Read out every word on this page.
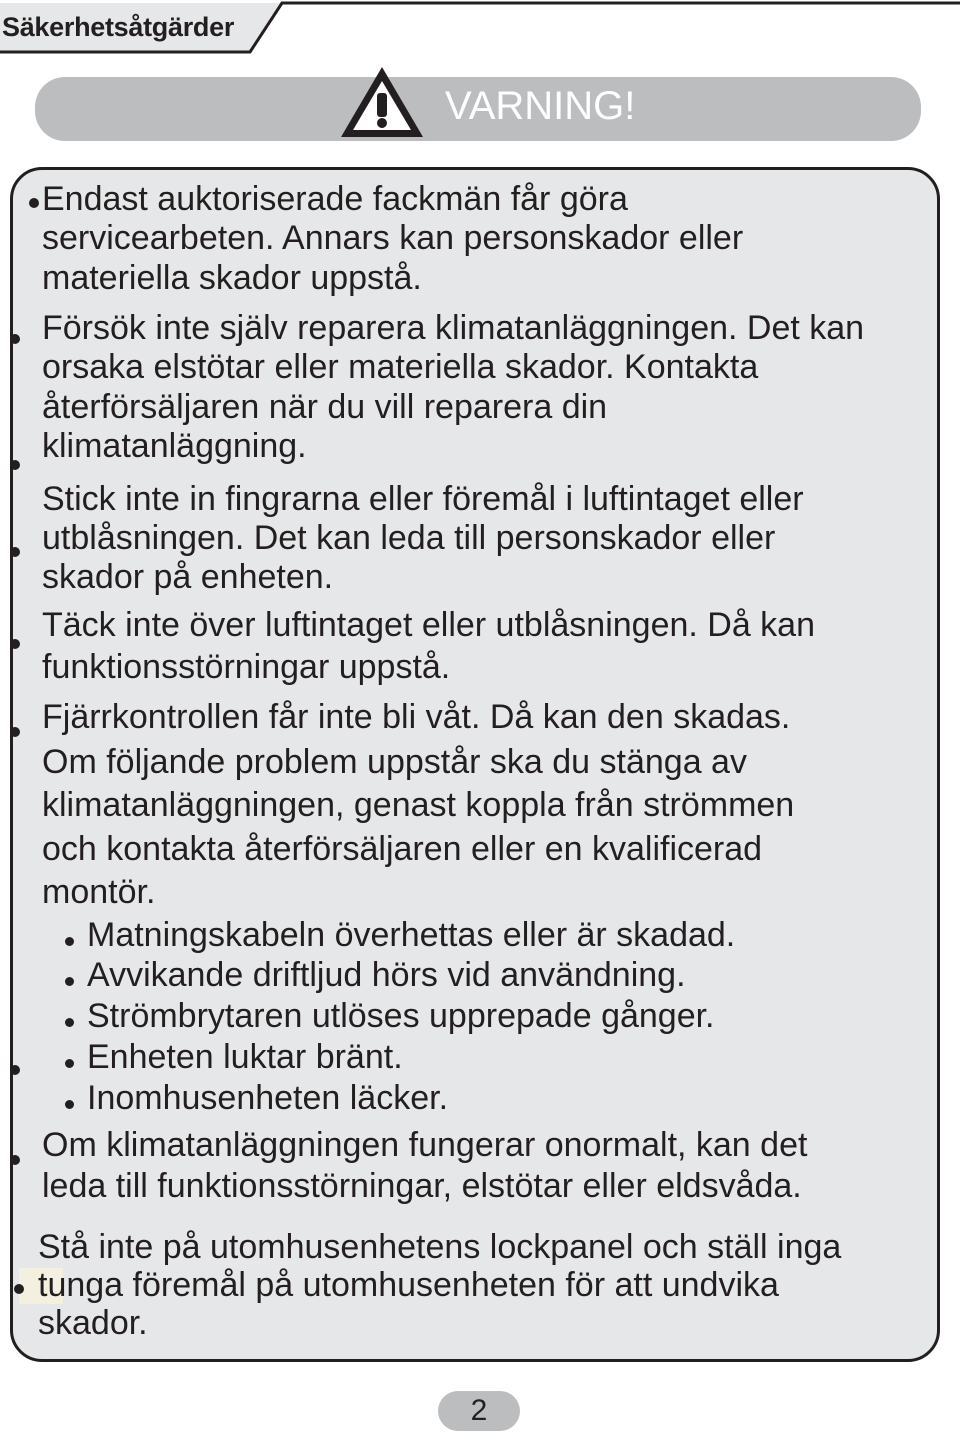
Säkerhetsåtgärder
VARNING!
Endast auktoriserade fackmän får göra
servicearbeten. Annars kan personskador eller
materiella skador uppstå.
Försök inte själv reparera klimatanläggningen. Det kan
orsaka elstötar eller materiella skador. Kontakta
återförsäljaren när du vill reparera din
klimatanläggning.
Stick inte in fingrarna eller föremål i luftintaget eller
utblåsningen. Det kan leda till personskador eller
skador på enheten.
Täck inte över luftintaget eller utblåsningen. Då kan
funktionsstörningar uppstå.
Fjärrkontrollen får inte bli våt. Då kan den skadas.
Om följande problem uppstår ska du stänga av
klimatanläggningen, genast koppla från strömmen
och kontakta återförsäljaren eller en kvalificerad
montör.
Matningskabeln överhettas eller är skadad.
Avvikande driftljud hörs vid användning.
Strömbrytaren utlöses upprepade gånger.
Enheten luktar bränt.
Inomhusenheten läcker.
Om klimatanläggningen fungerar onormalt, kan det
leda till funktionsstörningar, elstötar eller eldsvåda.
Stå inte på utomhusenhetens lockpanel och ställ inga
tunga föremål på utomhusenheten för att undvika
skador.
2
